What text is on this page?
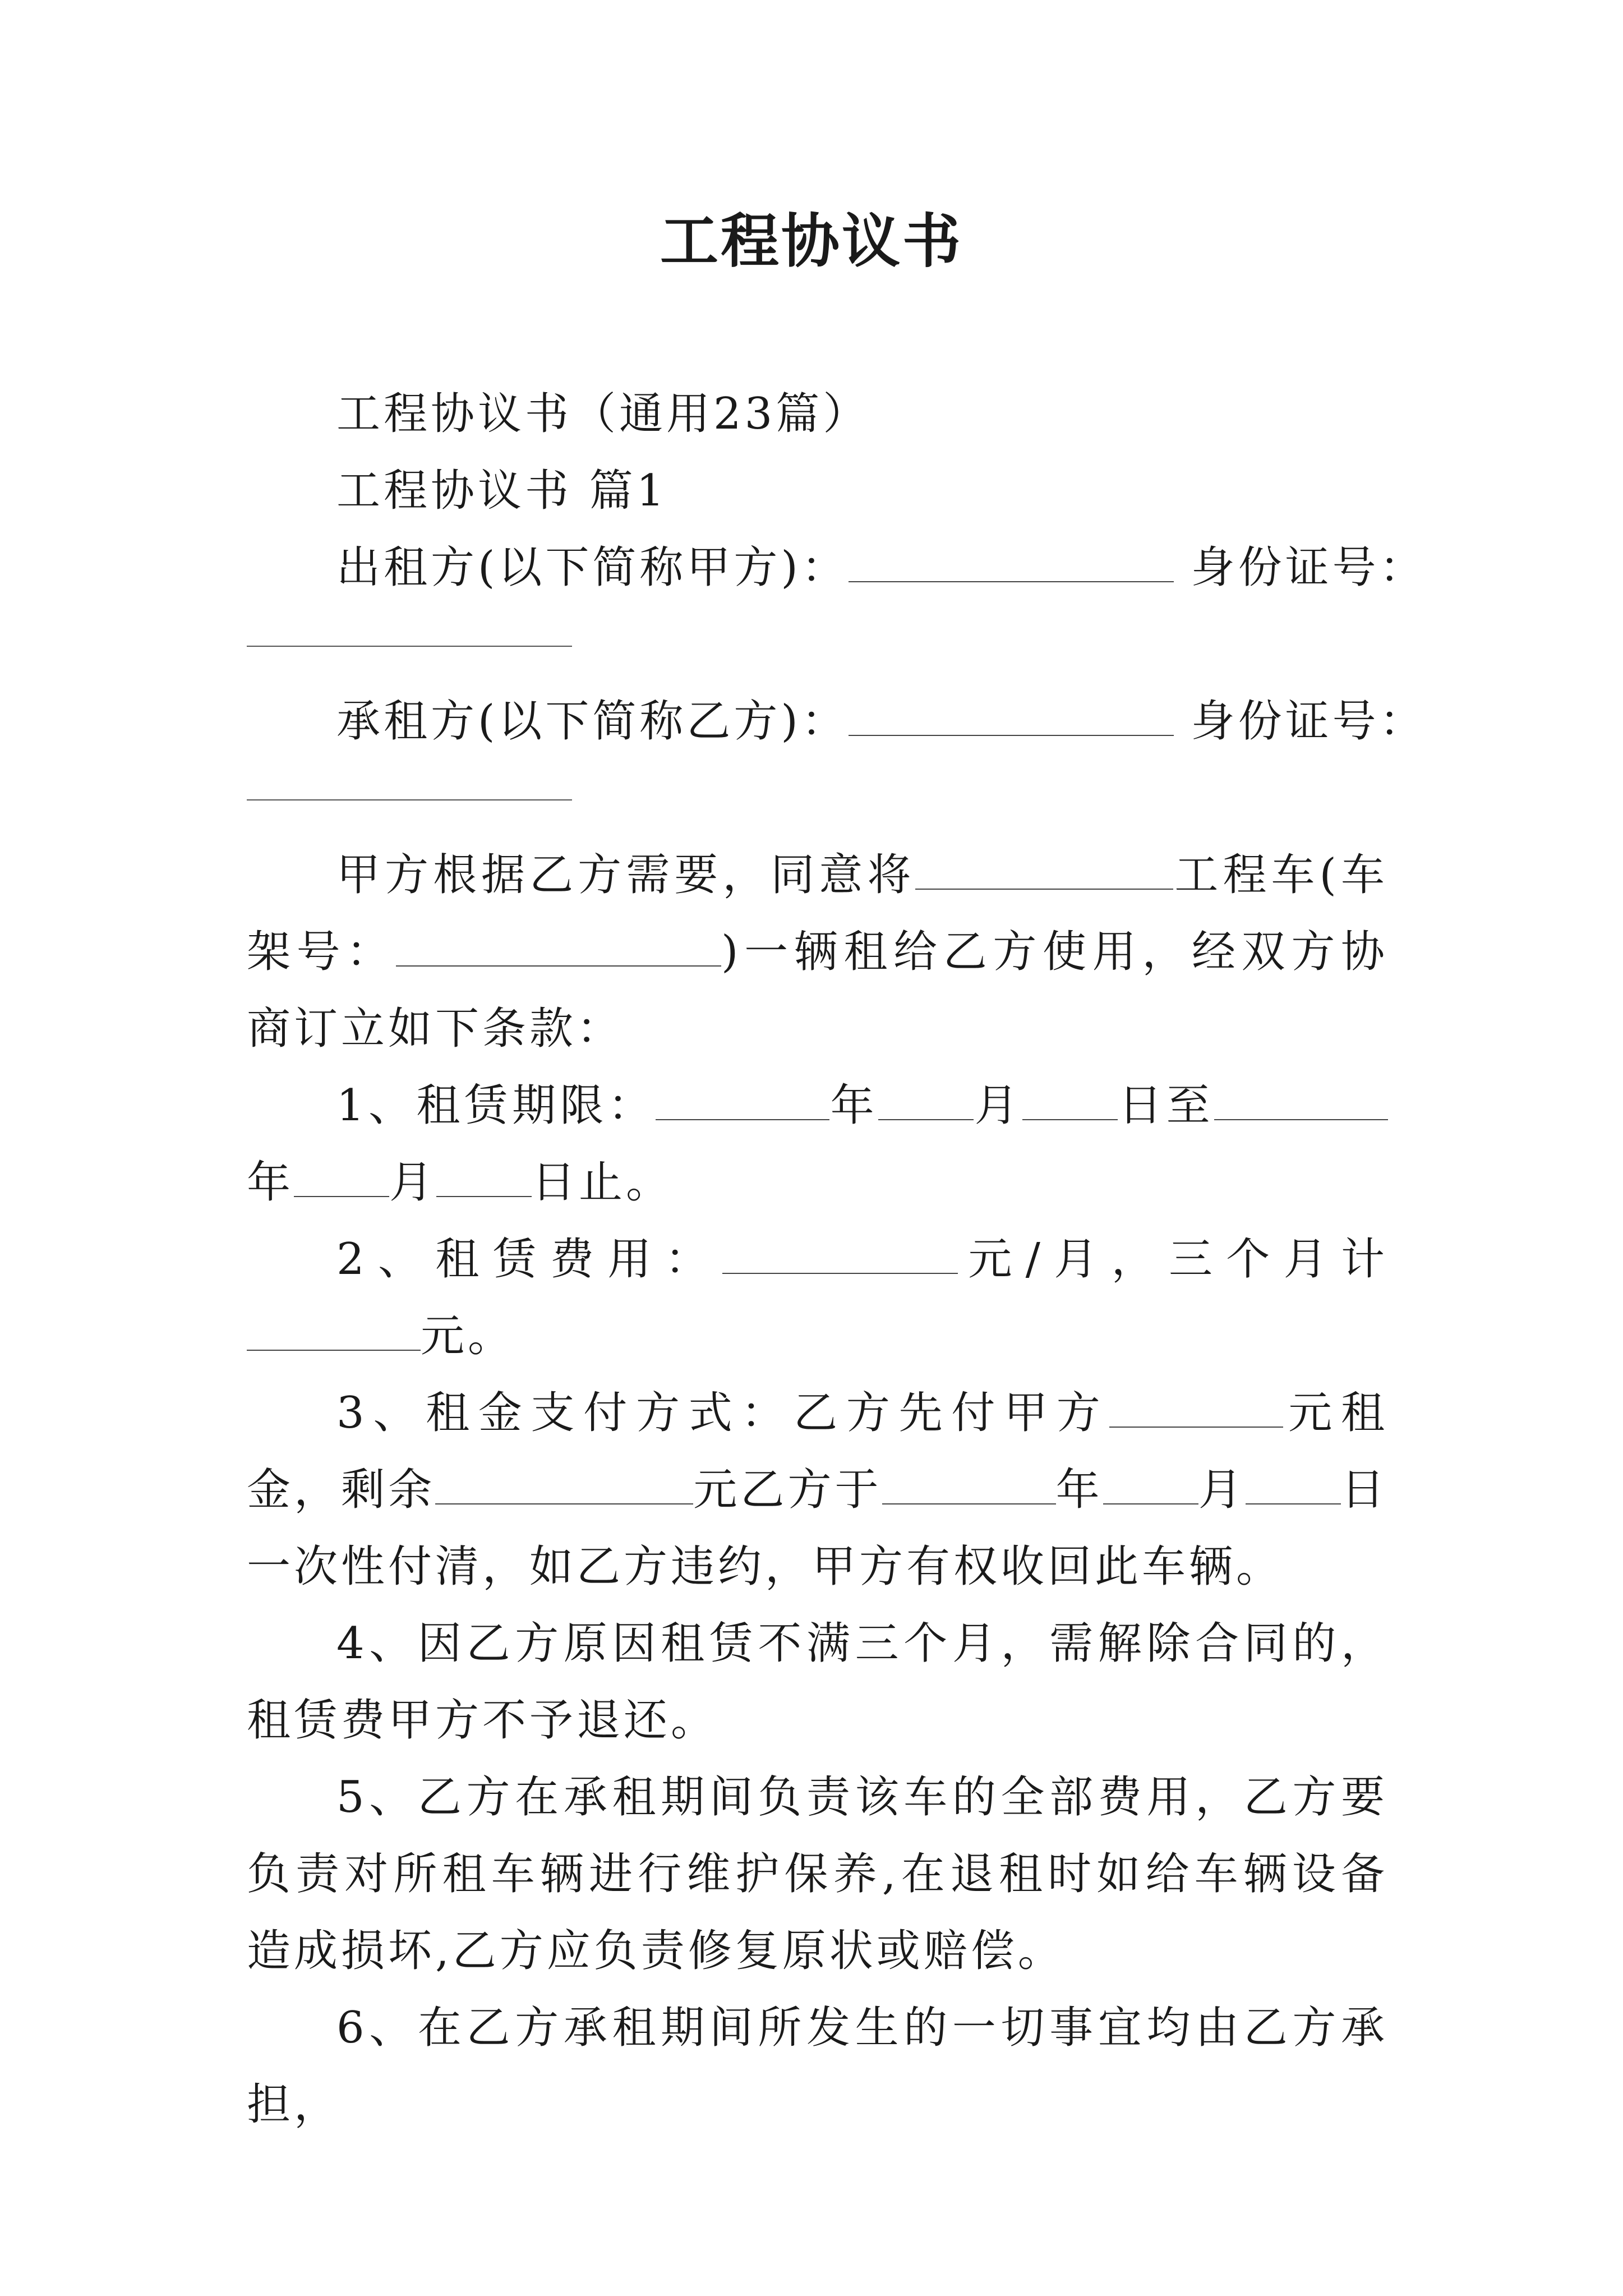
工程协议书

工程协议书（通用23篇）

工程协议书 篇1

出租方(以下简称甲方)：	身份证号：

承租方(以下简称乙方)：	身份证号：

甲方根据乙方需要，同意将	工程车(车架号：	)一辆租给乙方使用，经双方协商订立如下条款：

1、租赁期限：	年 月 日至年 月 日止。

2、租赁费用：	元/月，三个月计元。

3、租金支付方式：乙方先付甲方	元租金，剩余	元乙方于	年 月 日一次性付清，如乙方违约，甲方有权收回此车辆。

4、因乙方原因租赁不满三个月，需解除合同的，租赁费甲方不予退还。

5、乙方在承租期间负责该车的全部费用，乙方要负责对所租车辆进行维护保养,在退租时如给车辆设备造成损坏,乙方应负责修复原状或赔偿。

6、在乙方承租期间所发生的一切事宜均由乙方承担，
